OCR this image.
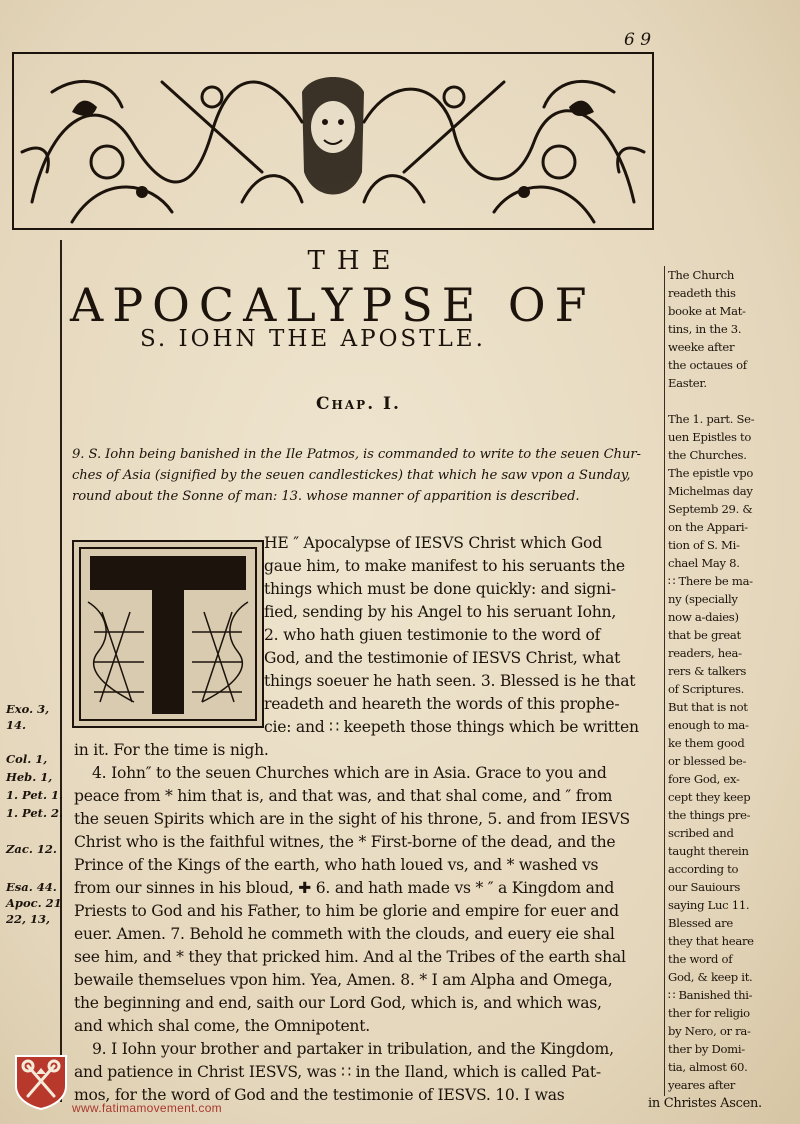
6 9
THE
APOCALYPSE OF
S. IOHN THE APOSTLE.
Chap. I.
9. S. Iohn being banished in the Ile Patmos, is commanded to write to the seuen Chur-
ches of Asia (signified by the seuen candlestickes) that which he saw vpon a Sunday,
round about the Sonne of man: 13. whose manner of apparition is described.
HE ″ Apocalypse of IESVS Christ which God
gaue him, to make manifest to his seruants the
things which must be done quickly: and signi-
fied, sending by his Angel to his seruant Iohn,
2. who hath giuen testimonie to the word of
God, and the testimonie of IESVS Christ, what
things soeuer he hath seen. 3. Blessed is he that
readeth and heareth the words of this prophe-
cie: and ∷ keepeth those things which be written
in it. For the time is nigh.
4. Iohn″ to the seuen Churches which are in Asia. Grace to you and
peace from * him that is, and that was, and that shal come, and ″ from
the seuen Spirits which are in the sight of his throne, 5. and from IESVS
Christ who is the faithful witnes, the * First-borne of the dead, and the
Prince of the Kings of the earth, who hath loued vs, and * washed vs
from our sinnes in his bloud, ✚ 6. and hath made vs * ″ a Kingdom and
Priests to God and his Father, to him be glorie and empire for euer and
euer. Amen. 7. Behold he commeth with the clouds, and euery eie shal
see him, and * they that pricked him. And al the Tribes of the earth shal
bewaile themselues vpon him. Yea, Amen. 8. * I am Alpha and Omega,
the beginning and end, saith our Lord God, which is, and which was,
and which shal come, the Omnipotent.
9. I Iohn your brother and partaker in tribulation, and the Kingdom,
and patience in Christ IESVS, was ∷ in the Iland, which is called Pat-
mos, for the word of God and the testimonie of IESVS. 10. I was
The Church
readeth this
booke at Mat-
tins, in the 3.
weeke after
the octaues of
Easter.
The 1. part. Se-
uen Epistles to
the Churches.
The epistle vpo
Michelmas day
Septemb 29. &
on the Appari-
tion of S. Mi-
chael May 8.
∷ There be ma-
ny (specially
now a-daies)
that be great
readers, hea-
rers & talkers
of Scriptures.
But that is not
enough to ma-
ke them good
or blessed be-
fore God, ex-
cept they keep
the things pre-
scribed and
taught therein
according to
our Sauiours
saying Luc 11.
Blessed are
they that heare
the word of
God, & keep it.
∷ Banished thi-
ther for religio
by Nero, or ra-
ther by Domi-
tia, almost 60.
yeares after
in Christes Ascen.
Exo. 3,
14.
Col. 1,
Heb. 1,
1. Pet. 1.
1. Pet. 2.
Zac. 12.
Esa. 44.
Apoc. 21
22, 13,
www.fatimamovement.com
